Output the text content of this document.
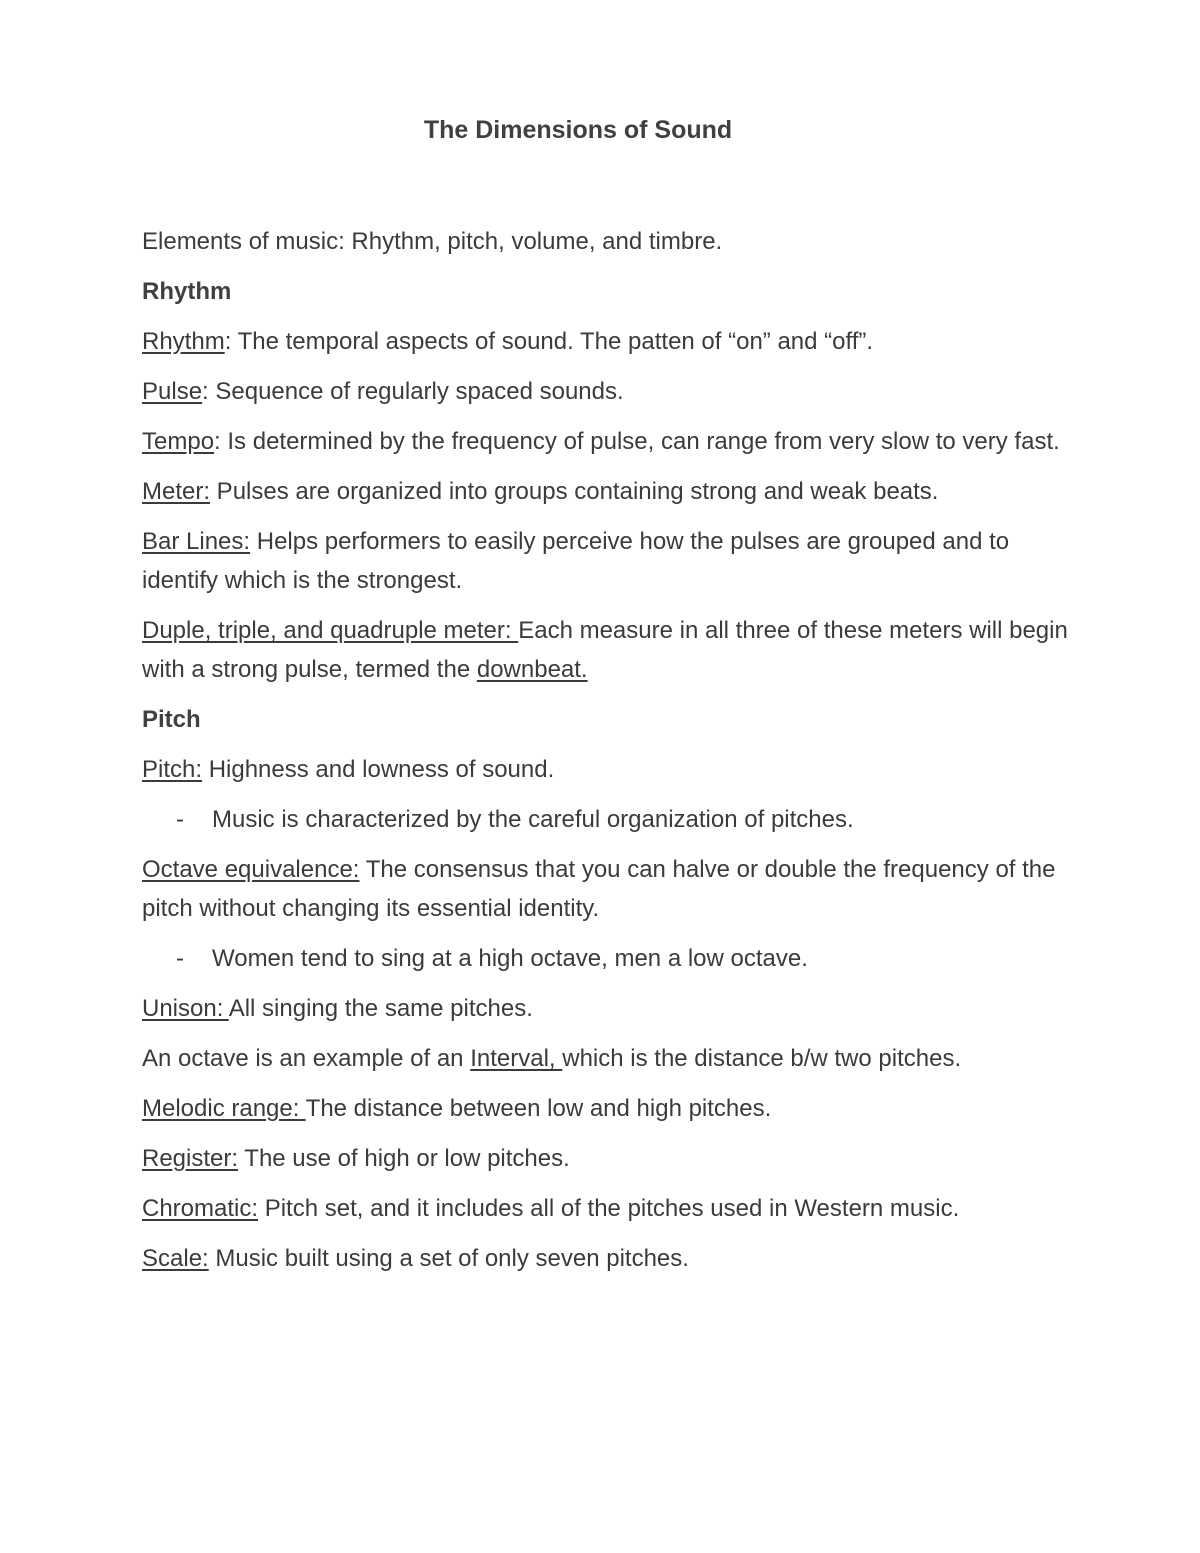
The Dimensions of Sound

Elements of music: Rhythm, pitch, volume, and timbre.

Rhythm

Rhythm: The temporal aspects of sound. The patten of “on” and “off”.

Pulse: Sequence of regularly spaced sounds.

Tempo: Is determined by the frequency of pulse, can range from very slow to very fast.

Meter: Pulses are organized into groups containing strong and weak beats.

Bar Lines: Helps performers to easily perceive how the pulses are grouped and to identify which is the strongest.

Duple, triple, and quadruple meter: Each measure in all three of these meters will begin with a strong pulse, termed the downbeat.

Pitch

Pitch: Highness and lowness of sound.

-	Music is characterized by the careful organization of pitches.

Octave equivalence: The consensus that you can halve or double the frequency of the pitch without changing its essential identity.

-	Women tend to sing at a high octave, men a low octave.

Unison: All singing the same pitches.

An octave is an example of an Interval, which is the distance b/w two pitches.

Melodic range: The distance between low and high pitches.

Register: The use of high or low pitches.

Chromatic: Pitch set, and it includes all of the pitches used in Western music.

Scale: Music built using a set of only seven pitches.
